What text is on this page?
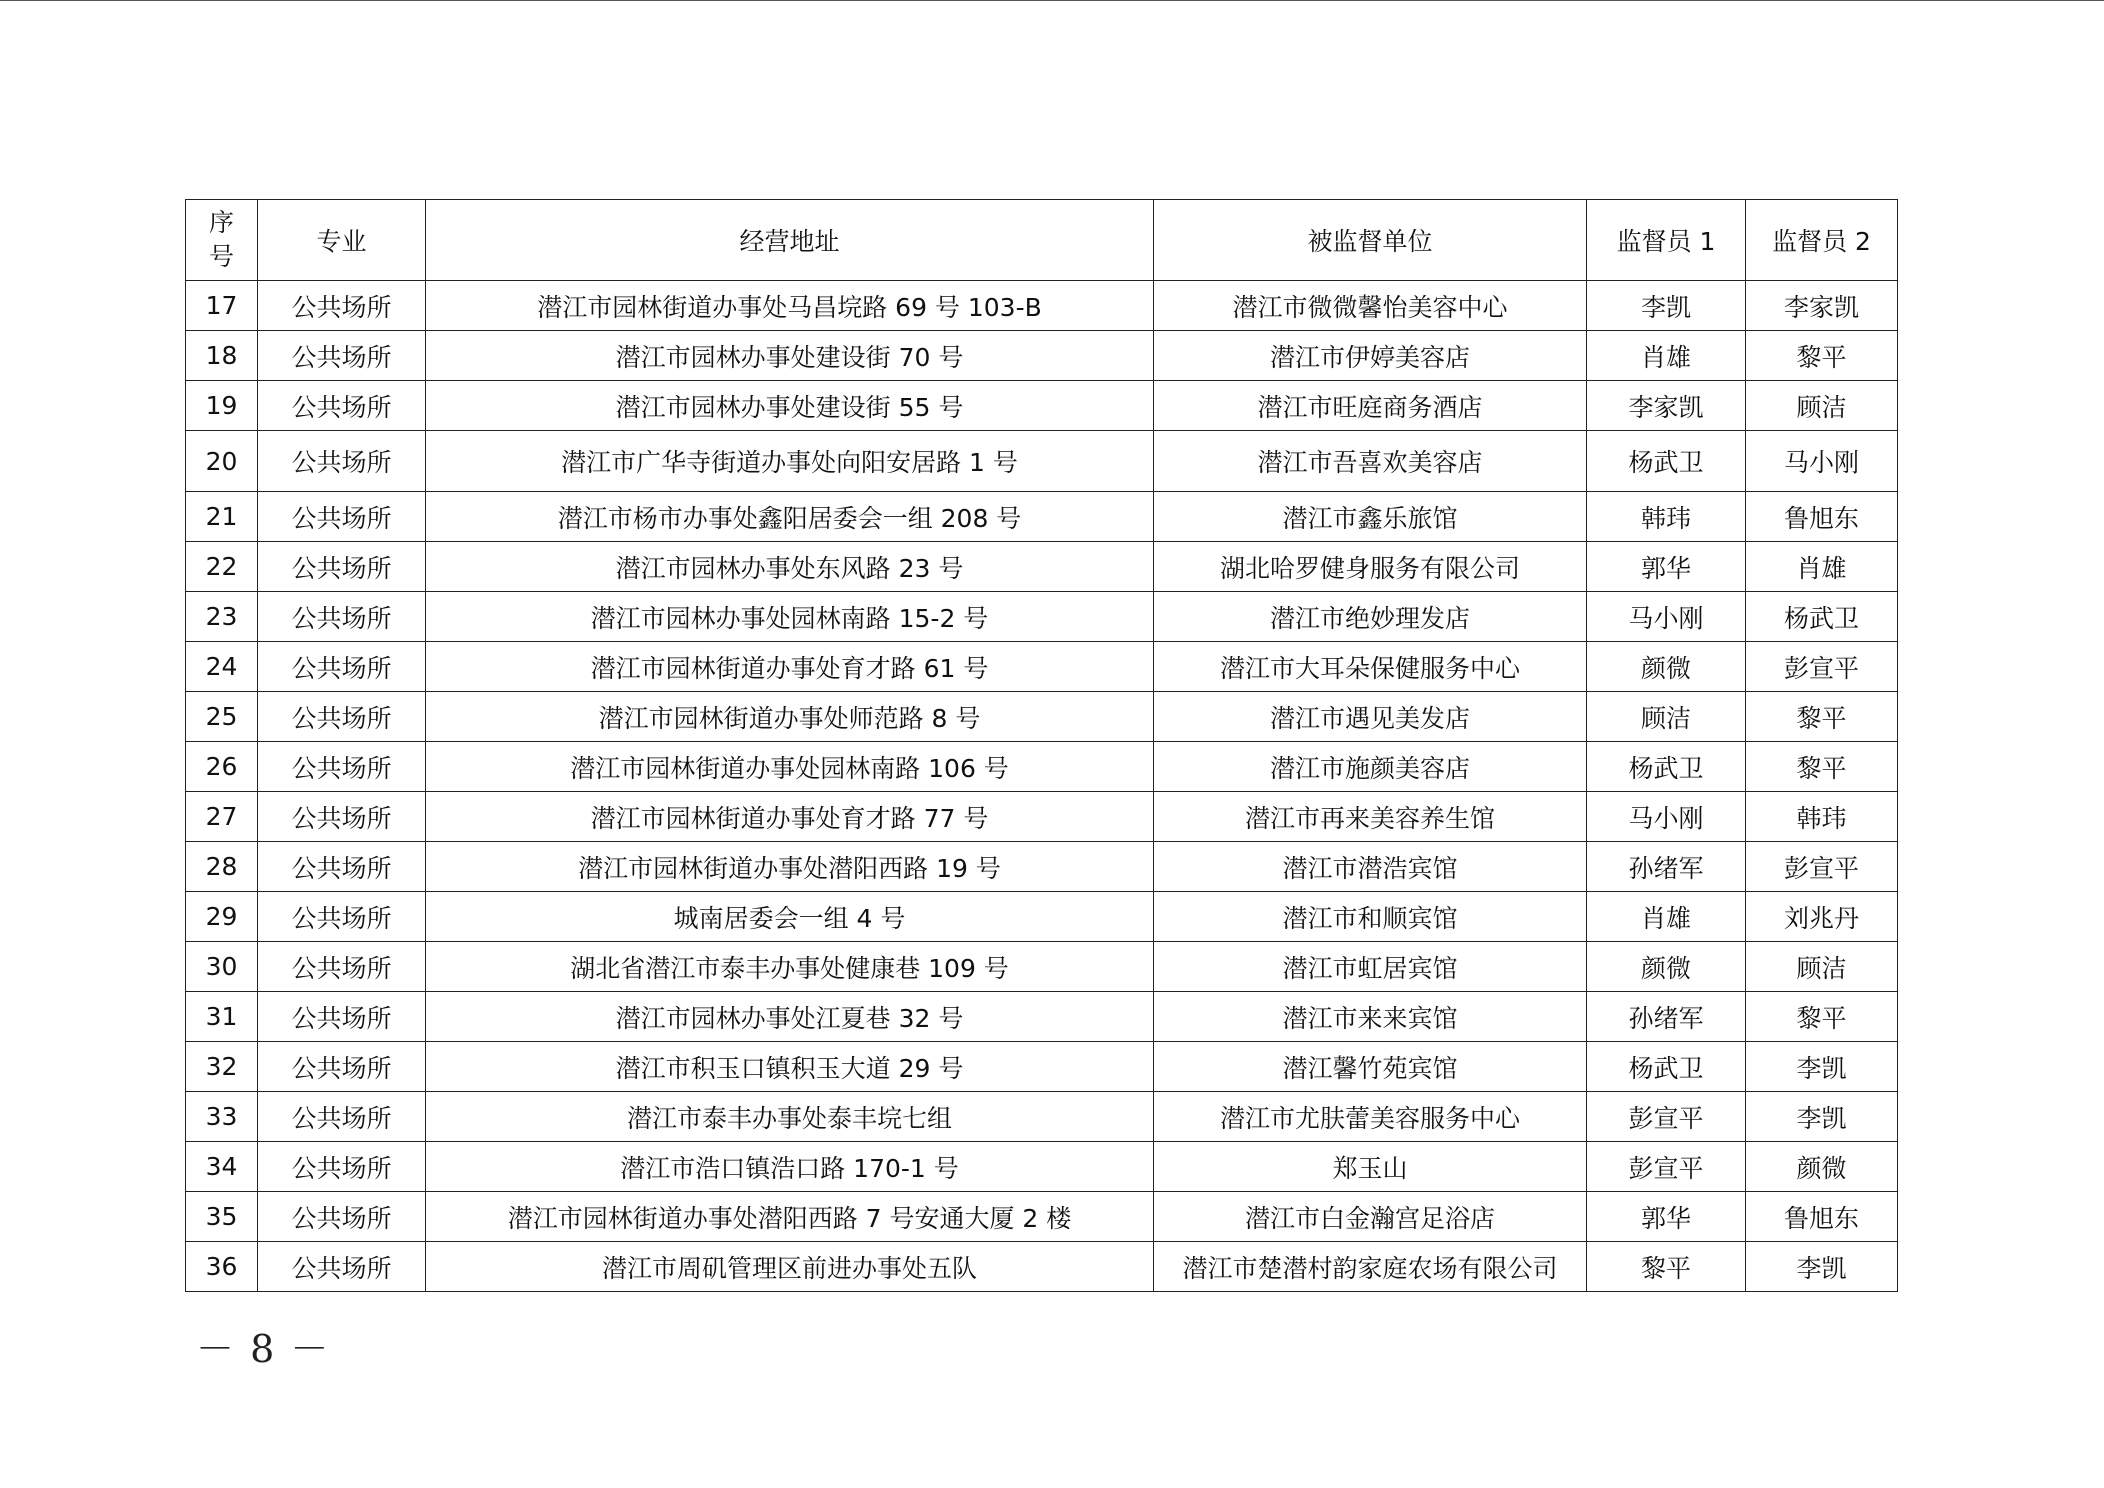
序
号	专业	经营地址	被监督单位	监督员 1	监督员 2
17	公共场所	潜江市园林街道办事处马昌垸路 69 号 103-B	潜江市微微馨怡美容中心	李凯	李家凯
18	公共场所	潜江市园林办事处建设街 70 号	潜江市伊婷美容店	肖雄	黎平
19	公共场所	潜江市园林办事处建设街 55 号	潜江市旺庭商务酒店	李家凯	顾洁
20	公共场所	潜江市广华寺街道办事处向阳安居路 1 号	潜江市吾喜欢美容店	杨武卫	马小刚
21	公共场所	潜江市杨市办事处鑫阳居委会一组 208 号	潜江市鑫乐旅馆	韩玮	鲁旭东
22	公共场所	潜江市园林办事处东风路 23 号	湖北哈罗健身服务有限公司	郭华	肖雄
23	公共场所	潜江市园林办事处园林南路 15-2 号	潜江市绝妙理发店	马小刚	杨武卫
24	公共场所	潜江市园林街道办事处育才路 61 号	潜江市大耳朵保健服务中心	颜微	彭宣平
25	公共场所	潜江市园林街道办事处师范路 8 号	潜江市遇见美发店	顾洁	黎平
26	公共场所	潜江市园林街道办事处园林南路 106 号	潜江市施颜美容店	杨武卫	黎平
27	公共场所	潜江市园林街道办事处育才路 77 号	潜江市再来美容养生馆	马小刚	韩玮
28	公共场所	潜江市园林街道办事处潜阳西路 19 号	潜江市潜浩宾馆	孙绪军	彭宣平
29	公共场所	城南居委会一组 4 号	潜江市和顺宾馆	肖雄	刘兆丹
30	公共场所	湖北省潜江市泰丰办事处健康巷 109 号	潜江市虹居宾馆	颜微	顾洁
31	公共场所	潜江市园林办事处江夏巷 32 号	潜江市来来宾馆	孙绪军	黎平
32	公共场所	潜江市积玉口镇积玉大道 29 号	潜江馨竹苑宾馆	杨武卫	李凯
33	公共场所	潜江市泰丰办事处泰丰垸七组	潜江市尤肤蕾美容服务中心	彭宣平	李凯
34	公共场所	潜江市浩口镇浩口路 170-1 号	郑玉山	彭宣平	颜微
35	公共场所	潜江市园林街道办事处潜阳西路 7 号安通大厦 2 楼	潜江市白金瀚宫足浴店	郭华	鲁旭东
36	公共场所	潜江市周矶管理区前进办事处五队	潜江市楚潜村韵家庭农场有限公司	黎平	李凯
－ 8 －
